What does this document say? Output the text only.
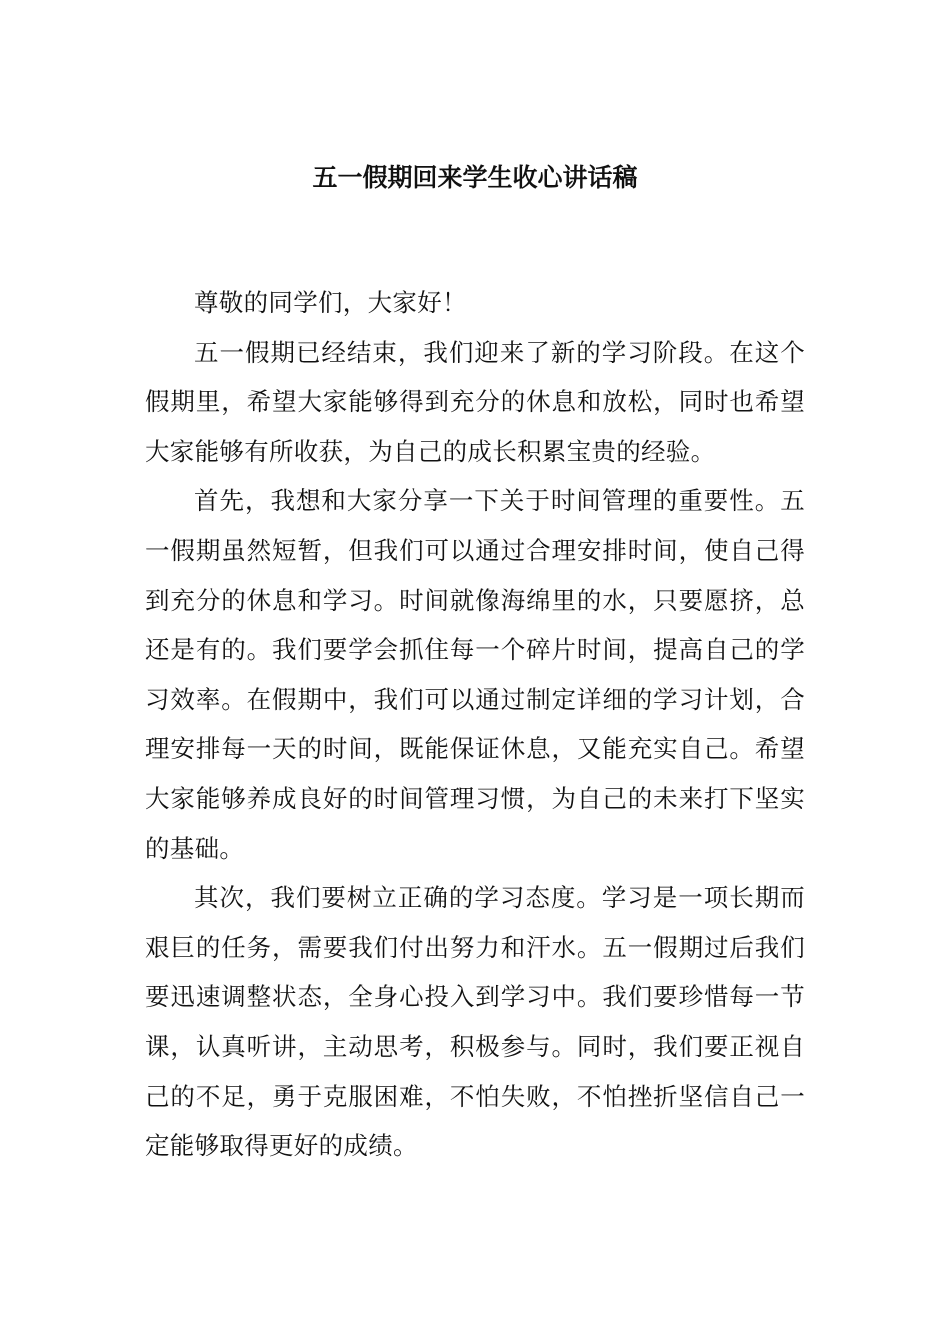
五一假期回来学生收心讲话稿

尊敬的同学们，大家好！

五一假期已经结束，我们迎来了新的学习阶段。在这个假期里，希望大家能够得到充分的休息和放松，同时也希望大家能够有所收获，为自己的成长积累宝贵的经验。

首先，我想和大家分享一下关于时间管理的重要性。五一假期虽然短暂，但我们可以通过合理安排时间，使自己得到充分的休息和学习。时间就像海绵里的水，只要愿挤，总还是有的。我们要学会抓住每一个碎片时间，提高自己的学习效率。在假期中，我们可以通过制定详细的学习计划，合理安排每一天的时间，既能保证休息，又能充实自己。希望大家能够养成良好的时间管理习惯，为自己的未来打下坚实的基础。

其次，我们要树立正确的学习态度。学习是一项长期而艰巨的任务，需要我们付出努力和汗水。五一假期过后我们要迅速调整状态，全身心投入到学习中。我们要珍惜每一节课，认真听讲，主动思考，积极参与。同时，我们要正视自己的不足，勇于克服困难，不怕失败，不怕挫折坚信自己一定能够取得更好的成绩。
